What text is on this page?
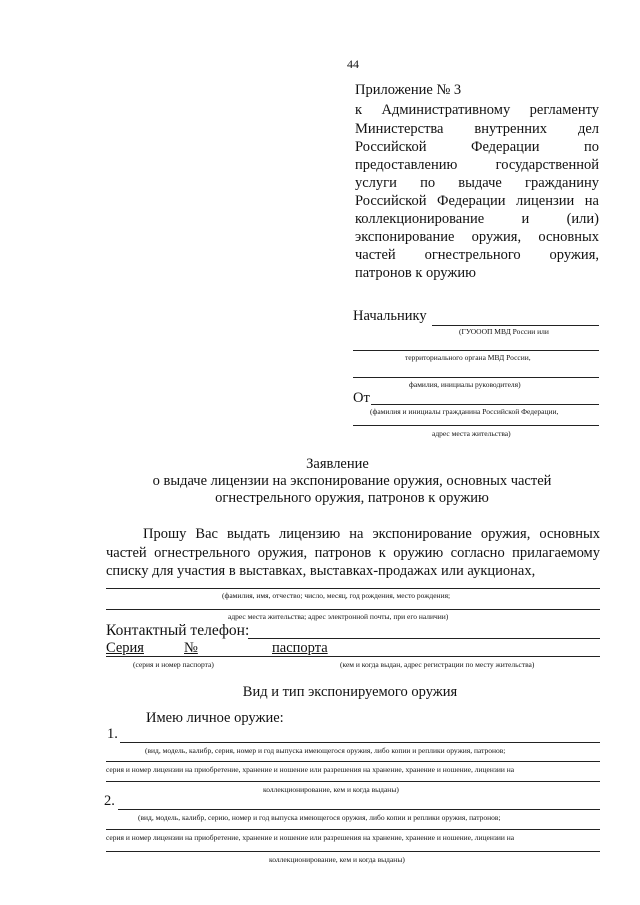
44
Приложение № 3
к Административному регламенту
Министерства внутренних дел
Российской Федерации по
предоставлению государственной
услуги по выдаче гражданину
Российской Федерации лицензии на
коллекционирование и (или)
экспонирование оружия, основных
частей огнестрельного оружия,
патронов к оружию
Начальнику
(ГУОООП МВД России или
территориального органа МВД России,
фамилия, инициалы руководителя)
От
(фамилия и инициалы гражданина Российской Федерации,
адрес места жительства)
Заявление
о выдаче лицензии на экспонирование оружия, основных частей
огнестрельного оружия, патронов к оружию
Прошу Вас выдать лицензию на экспонирование оружия, основных
частей огнестрельного оружия, патронов к оружию согласно прилагаемому
списку для участия в выставках, выставках-продажах или аукционах,
(фамилия, имя, отчество; число, месяц, год рождения, место рождения;
адрес места жительства; адрес электронной почты, при его наличии)
Контактный телефон:
Серия	№	паспорта
(серия и номер паспорта)	(кем и когда выдан, адрес регистрации по месту жительства)
Вид и тип экспонируемого оружия
Имею личное оружие:
1.
(вид, модель, калибр, серия, номер и год выпуска имеющегося оружия, либо копии и реплики оружия, патронов;
серия и номер лицензии на приобретение, хранение и ношение или разрешения на хранение, хранение и ношение, лицензии на
коллекционирование, кем и когда выданы)
2.
(вид, модель, калибр, серию, номер и год выпуска имеющегося оружия, либо копии и реплики оружия, патронов;
серия и номер лицензии на приобретение, хранение и ношение или разрешения на хранение, хранение и ношение, лицензии на
коллекционирование, кем и когда выданы)
